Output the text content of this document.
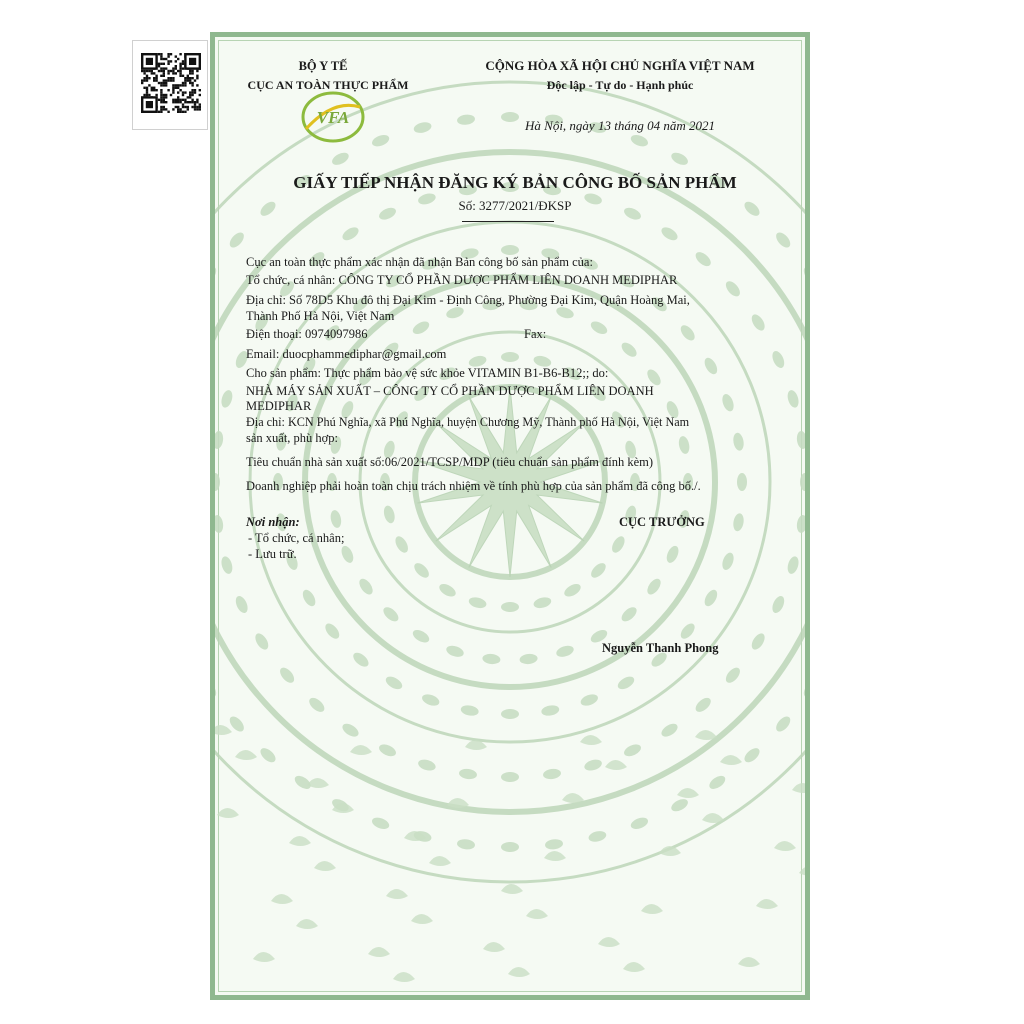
VFA
BỘ Y TẾ
CỤC AN TOÀN THỰC PHẨM
CỘNG HÒA XÃ HỘI CHỦ NGHĨA VIỆT NAM
Độc lập - Tự do - Hạnh phúc
Hà Nội, ngày 13 tháng 04 năm 2021
GIẤY TIẾP NHẬN ĐĂNG KÝ BẢN CÔNG BỐ SẢN PHẨM
Số: 3277/2021/ĐKSP
Cục an toàn thực phẩm xác nhận đã nhận Bản công bố sản phẩm của:
Tổ chức, cá nhân: CÔNG TY CỔ PHẦN DƯỢC PHẨM LIÊN DOANH MEDIPHAR
Địa chỉ: Số 78D5 Khu đô thị Đại Kim - Định Công, Phường Đại Kim, Quận Hoàng Mai,
Thành Phố Hà Nội, Việt Nam
Điện thoại: 0974097986	Fax:
Email: duocphammediphar@gmail.com
Cho sản phẩm: Thực phẩm bảo vệ sức khỏe VITAMIN B1-B6-B12;; do:
NHÀ MÁY SẢN XUẤT – CÔNG TY CỔ PHẦN DƯỢC PHẨM LIÊN DOANH
MEDIPHAR
Địa chỉ: KCN Phú Nghĩa, xã Phú Nghĩa, huyện Chương Mỹ, Thành phố Hà Nội, Việt Nam
sản xuất, phù hợp:
Tiêu chuẩn nhà sản xuất số:06/2021/TCSP/MDP (tiêu chuẩn sản phẩm đính kèm)
Doanh nghiệp phải hoàn toàn chịu trách nhiệm về tính phù hợp của sản phẩm đã công bố./.
Nơi nhận:
- Tổ chức, cá nhân;
- Lưu trữ.
CỤC TRƯỞNG
Nguyễn Thanh Phong
